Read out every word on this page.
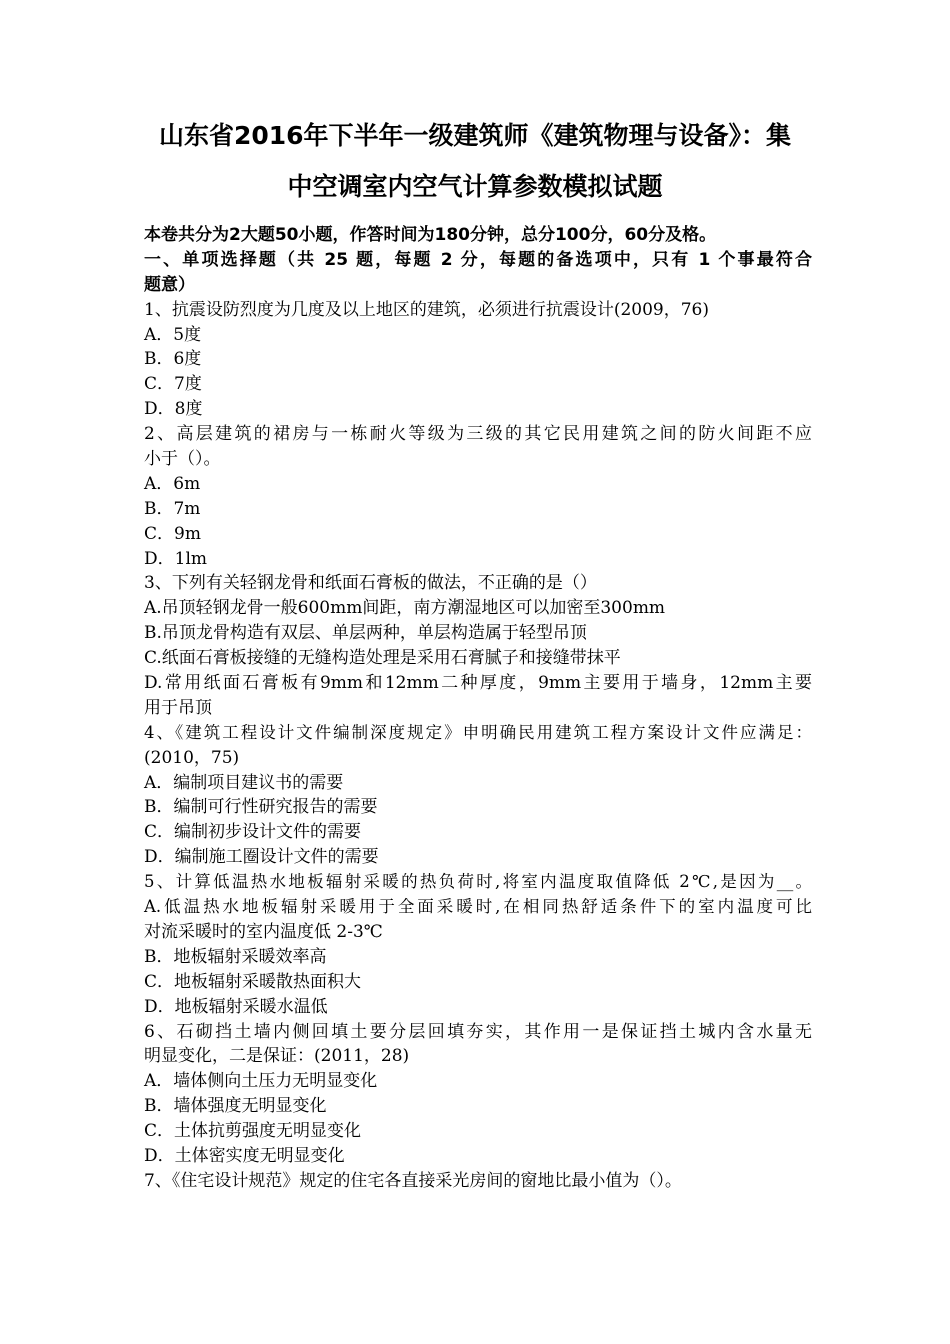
山东省2016年下半年一级建筑师《建筑物理与设备》：集
中空调室内空气计算参数模拟试题
本卷共分为2大题50小题，作答时间为180分钟，总分100分，60分及格。
一、单项选择题（共 25 题，每题 2 分，每题的备选项中，只有 1 个事最符合
题意）
1、抗震设防烈度为几度及以上地区的建筑，必须进行抗震设计(2009，76)
A．5度
B．6度
C．7度
D．8度
2、高层建筑的裙房与一栋耐火等级为三级的其它民用建筑之间的防火间距不应
小于（）。
A．6m
B．7m
C．9m
D．1lm
3、下列有关轻钢龙骨和纸面石膏板的做法，不正确的是（）
A.吊顶轻钢龙骨一般600mm间距，南方潮湿地区可以加密至300mm
B.吊顶龙骨构造有双层、单层两种，单层构造属于轻型吊顶
C.纸面石膏板接缝的无缝构造处理是采用石膏腻子和接缝带抹平
D.常用纸面石膏板有9mm和12mm二种厚度，9mm主要用于墙身，12mm主要
用于吊顶
4、《建筑工程设计文件编制深度规定》申明确民用建筑工程方案设计文件应满足：
(2010，75)
A．编制项目建议书的需要
B．编制可行性研究报告的需要
C．编制初步设计文件的需要
D．编制施工圈设计文件的需要
5、计算低温热水地板辐射采暖的热负荷时,将室内温度取值降低 2℃,是因为__。
A.低温热水地板辐射采暖用于全面采暖时,在相同热舒适条件下的室内温度可比
对流采暖时的室内温度低 2-3℃
B．地板辐射采暖效率高
C．地板辐射采暖散热面积大
D．地板辐射采暖水温低
6、石砌挡土墙内侧回填土要分层回填夯实，其作用一是保证挡土城内含水量无
明显变化，二是保证：(2011，28)
A．墙体侧向土压力无明显变化
B．墙体强度无明显变化
C．土体抗剪强度无明显变化
D．土体密实度无明显变化
7、《住宅设计规范》规定的住宅各直接采光房间的窗地比最小值为（）。
